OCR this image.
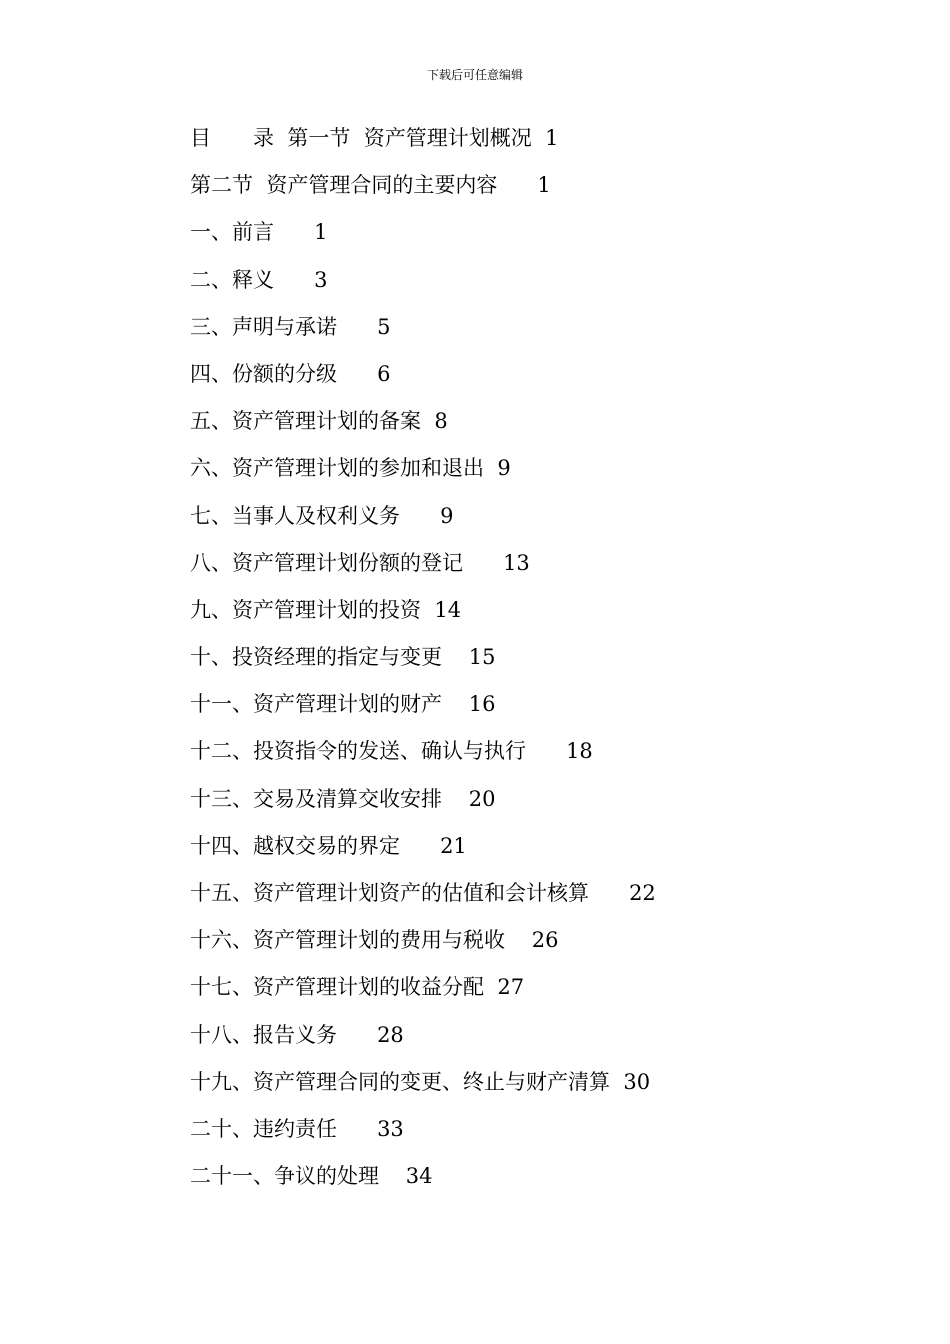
下载后可任意编辑
目　　录  第一节  资产管理计划概况 1
第二节  资产管理合同的主要内容 1
一、前言 1
二、释义 3
三、声明与承诺 5
四、份额的分级 6
五、资产管理计划的备案 8
六、资产管理计划的参加和退出 9
七、当事人及权利义务 9
八、资产管理计划份额的登记 13
九、资产管理计划的投资 14
十、投资经理的指定与变更 15
十一、资产管理计划的财产 16
十二、投资指令的发送、确认与执行 18
十三、交易及清算交收安排 20
十四、越权交易的界定 21
十五、资产管理计划资产的估值和会计核算 22
十六、资产管理计划的费用与税收 26
十七、资产管理计划的收益分配 27
十八、报告义务 28
十九、资产管理合同的变更、终止与财产清算 30
二十、违约责任 33
二十一、争议的处理 34
